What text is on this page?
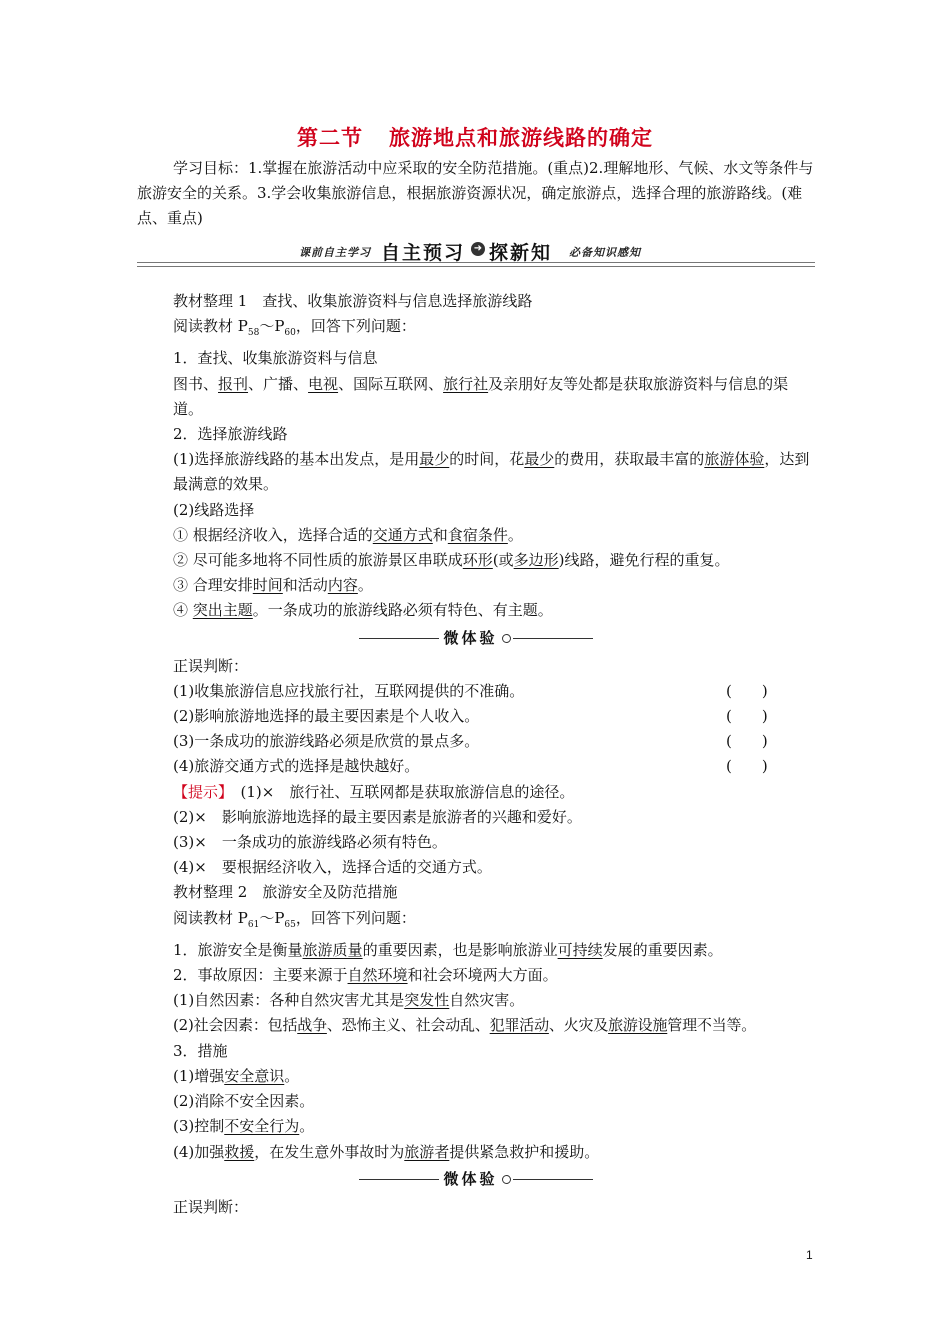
第二节 旅游地点和旅游线路的确定
学习目标：1.掌握在旅游活动中应采取的安全防范措施。(重点)2.理解地形、气候、水文等条件与旅游安全的关系。3.学会收集旅游信息，根据旅游资源状况，确定旅游点，选择合理的旅游路线。(难点、重点)
课前自主学习 自主预习 ➜ 探新知 必备知识感知

教材整理 1　 查找、收集旅游资料与信息选择旅游线路

阅读教材 $P_{58}\sim P_{60}$，回答下列问题：

1．查找、收集旅游资料与信息

图书、报刊、广播、电视、国际互联网、旅行社及亲朋好友等处都是获取旅游资料与信息的渠道。

2．选择旅游线路

(1)选择旅游线路的基本出发点，是用最少的时间，花最少的费用，获取最丰富的旅游体验，达到最满意的效果。

(2)线路选择

① 根据经济收入，选择合适的交通方式和食宿条件。

② 尽可能多地将不同性质的旅游景区串联成环形(或多边形)线路，避免行程的重复。

③ 合理安排时间和活动内容。

④ 突出主题。一条成功的旅游线路必须有特色、有主题。

微体验

正误判断：

(1)收集旅游信息应找旅行社，互联网提供的不准确。	(　　)
(2)影响旅游地选择的最主要因素是个人收入。	(　　)
(3)一条成功的旅游线路必须是欣赏的景点多。	(　　)
(4)旅游交通方式的选择是越快越好。	(　　)

【提示】　 (1)×　旅行社、互联网都是获取旅游信息的途径。

(2)×　影响旅游地选择的最主要因素是旅游者的兴趣和爱好。

(3)×　一条成功的旅游线路必须有特色。

(4)×　要根据经济收入，选择合适的交通方式。

教材整理 2　 旅游安全及防范措施

阅读教材 $P_{61}\sim P_{65}$，回答下列问题：

1．旅游安全是衡量旅游质量的重要因素，也是影响旅游业可持续发展的重要因素。

2．事故原因：主要来源于自然环境和社会环境两大方面。

(1)自然因素：各种自然灾害尤其是突发性自然灾害。

(2)社会因素：包括战争、恐怖主义、社会动乱、犯罪活动、火灾及旅游设施管理不当等。

3．措施

(1)增强安全意识。

(2)消除不安全因素。

(3)控制不安全行为。

(4)加强救援，在发生意外事故时为旅游者提供紧急救护和援助。

微体验

正误判断：

1
